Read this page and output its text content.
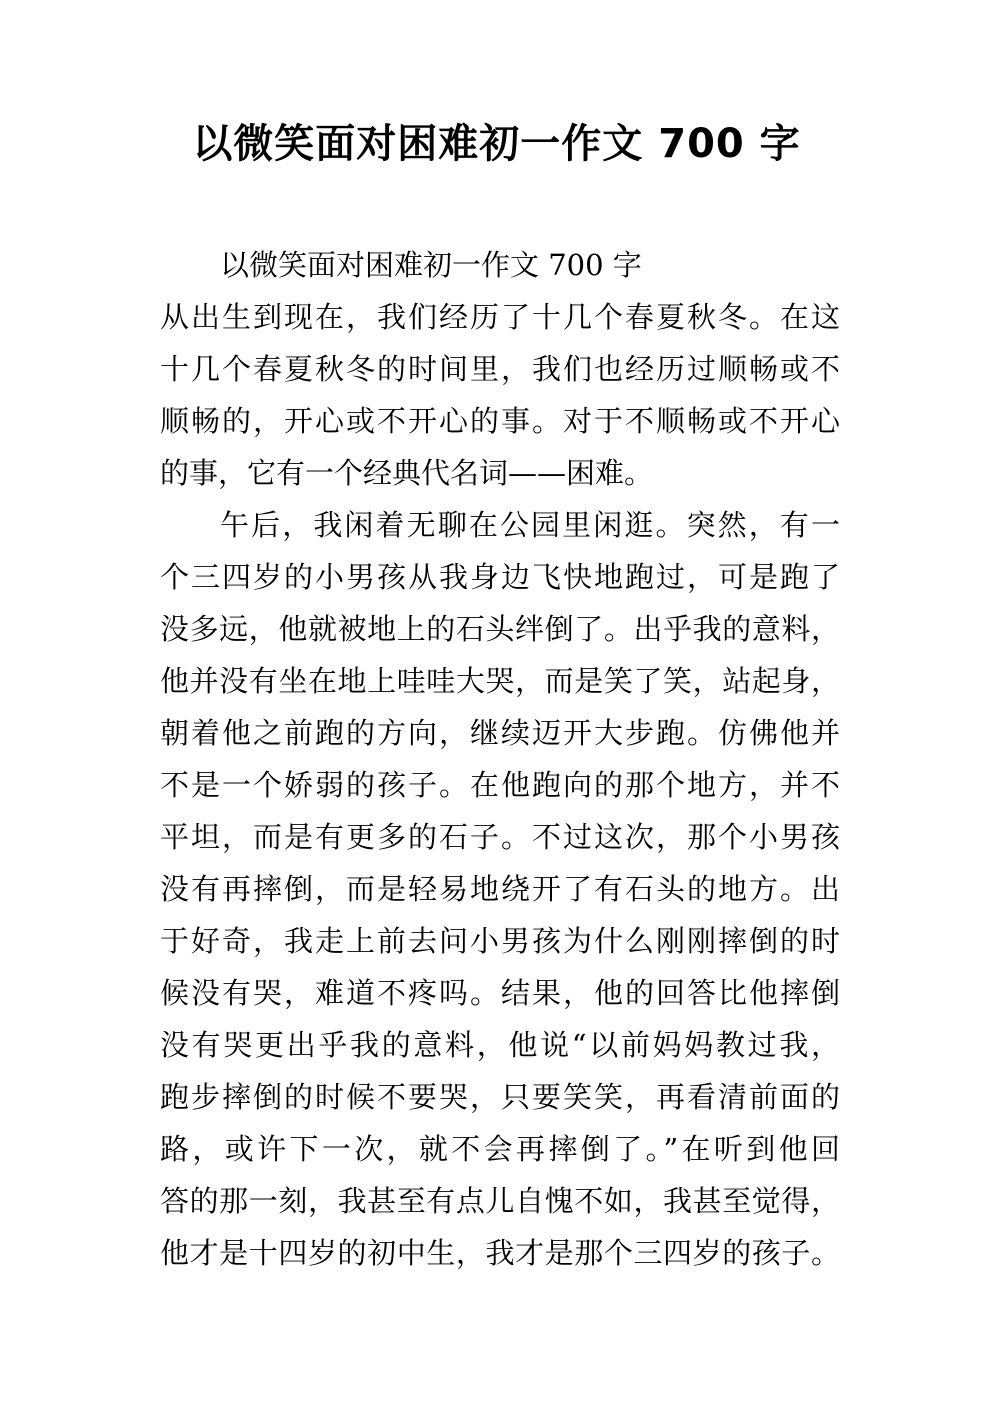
以微笑面对困难初一作文 700 字
以微笑面对困难初一作文 700 字
从出生到现在，我们经历了十几个春夏秋冬。在这
十几个春夏秋冬的时间里，我们也经历过顺畅或不
顺畅的，开心或不开心的事。对于不顺畅或不开心
的事，它有一个经典代名词——困难。
午后，我闲着无聊在公园里闲逛。突然，有一
个三四岁的小男孩从我身边飞快地跑过，可是跑了
没多远，他就被地上的石头绊倒了。出乎我的意料，
他并没有坐在地上哇哇大哭，而是笑了笑，站起身，
朝着他之前跑的方向，继续迈开大步跑。仿佛他并
不是一个娇弱的孩子。在他跑向的那个地方，并不
平坦，而是有更多的石子。不过这次，那个小男孩
没有再摔倒，而是轻易地绕开了有石头的地方。出
于好奇，我走上前去问小男孩为什么刚刚摔倒的时
候没有哭，难道不疼吗。结果，他的回答比他摔倒
没有哭更出乎我的意料，他说“以前妈妈教过我，
跑步摔倒的时候不要哭，只要笑笑，再看清前面的
路，或许下一次，就不会再摔倒了。”在听到他回
答的那一刻，我甚至有点儿自愧不如，我甚至觉得，
他才是十四岁的初中生，我才是那个三四岁的孩子。
